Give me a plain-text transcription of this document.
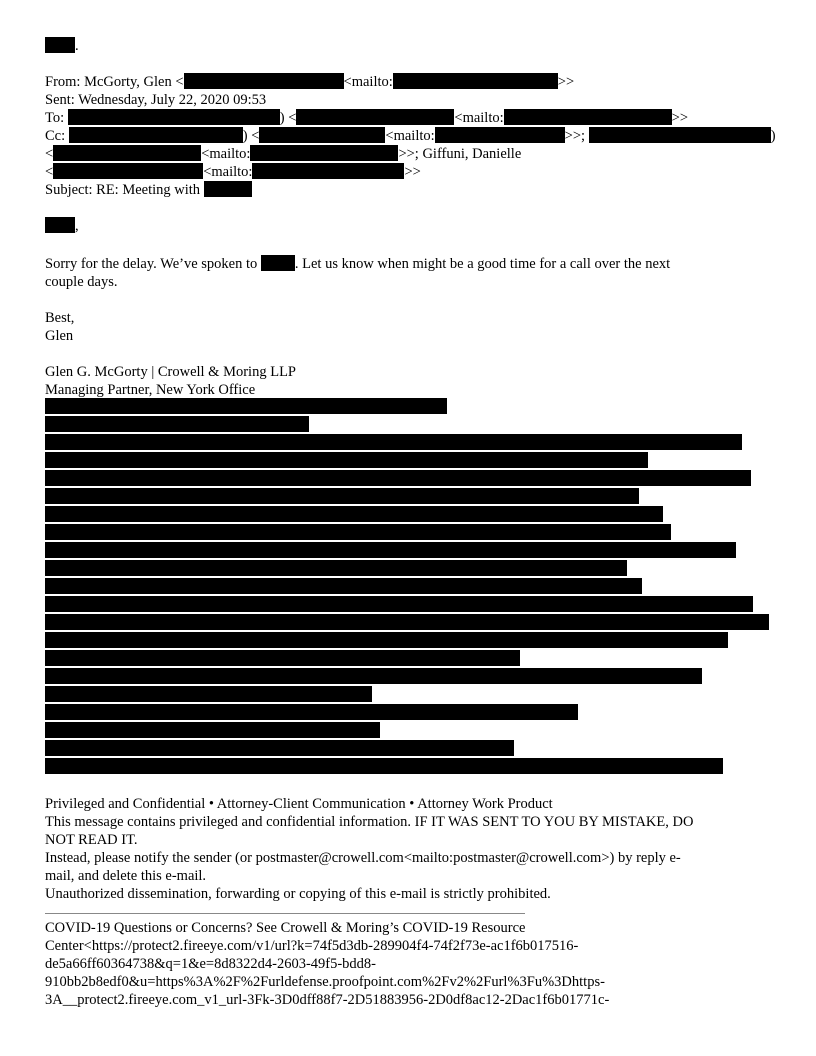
.
From: McGorty, Glen <	<mailto:	>>
Sent: Wednesday, July 22, 2020 09:53
To:	) <	<mailto:	>>
Cc:	) <	<mailto:	>>;	)
<	<mailto:	>>; Giffuni, Danielle
<	<mailto:	>>
Subject: RE: Meeting with
,
Sorry for the delay. We’ve spoken to	. Let us know when might be a good time for a call over the next
couple days.
Best,
Glen
Glen G. McGorty | Crowell & Moring LLP
Managing Partner, New York Office
Privileged and Confidential • Attorney-Client Communication • Attorney Work Product
This message contains privileged and confidential information. IF IT WAS SENT TO YOU BY MISTAKE, DO
NOT READ IT.
Instead, please notify the sender (or postmaster@crowell.com<mailto:postmaster@crowell.com>) by reply e-
mail, and delete this e-mail.
Unauthorized dissemination, forwarding or copying of this e-mail is strictly prohibited.
COVID-19 Questions or Concerns? See Crowell & Moring’s COVID-19 Resource
Center<https://protect2.fireeye.com/v1/url?k=74f5d3db-289904f4-74f2f73e-ac1f6b017516-
de5a66ff60364738&q=1&e=8d8322d4-2603-49f5-bdd8-
910bb2b8edf0&u=https%3A%2F%2Furldefense.proofpoint.com%2Fv2%2Furl%3Fu%3Dhttps-
3A__protect2.fireeye.com_v1_url-3Fk-3D0dff88f7-2D51883956-2D0df8ac12-2Dac1f6b01771c-
